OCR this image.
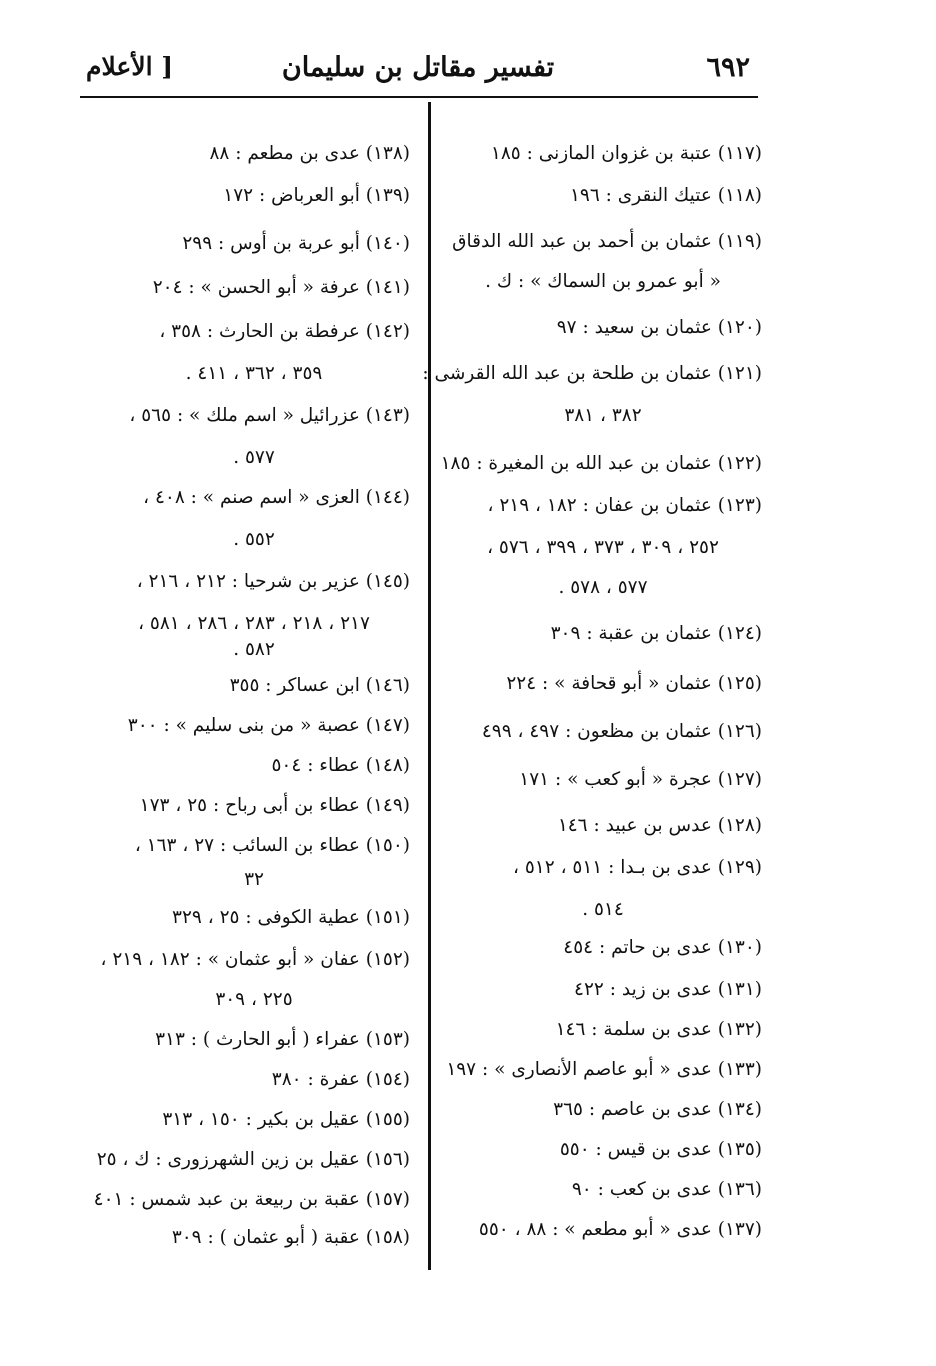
٦٩٢
تفسير مقاتل بن سليمان
[ الأعلام
(١١٧) عتبة بن غزوان المازنى : ١٨٥
(١١٨) عتيك النقرى : ١٩٦
(١١٩) عثمان بن أحمد بن عبد الله الدقاق
« أبو عمرو بن السماك » : ك .
(١٢٠) عثمان بن سعيد : ٩٧
(١٢١) عثمان بن طلحة بن عبد الله القرشى :
٣٨٢ ، ٣٨١
(١٢٢) عثمان بن عبد الله بن المغيرة : ١٨٥
(١٢٣) عثمان بن عفان : ١٨٢ ، ٢١٩ ،
٢٥٢ ، ٣٠٩ ، ٣٧٣ ، ٣٩٩ ، ٥٧٦ ،
٥٧٧ ، ٥٧٨ .
(١٢٤) عثمان بن عقبة : ٣٠٩
(١٢٥) عثمان « أبو قحافة » : ٢٢٤
(١٢٦) عثمان بن مظعون : ٤٩٧ ، ٤٩٩
(١٢٧) عجرة « أبو كعب » : ١٧١
(١٢٨) عدس بن عبيد : ١٤٦
(١٢٩) عدى بن بـدا : ٥١١ ، ٥١٢ ،
٥١٤ .
(١٣٠) عدى بن حاتم : ٤٥٤
(١٣١) عدى بن زيد : ٤٢٢
(١٣٢) عدى بن سلمة : ١٤٦
(١٣٣) عدى « أبو عاصم الأنصارى » : ١٩٧
(١٣٤) عدى بن عاصم : ٣٦٥
(١٣٥) عدى بن قيس : ٥٥٠
(١٣٦) عدى بن كعب : ٩٠
(١٣٧) عدى « أبو مطعم » : ٨٨ ، ٥٥٠
(١٣٨) عدى بن مطعم : ٨٨
(١٣٩) أبو العرباض : ١٧٢
(١٤٠) أبو عربة بن أوس : ٢٩٩
(١٤١) عرفة « أبو الحسن » : ٢٠٤
(١٤٢) عرفطة بن الحارث : ٣٥٨ ،
٣٥٩ ، ٣٦٢ ، ٤١١ .
(١٤٣) عزرائيل « اسم ملك » : ٥٦٥ ،
٥٧٧ .
(١٤٤) العزى « اسم صنم » : ٤٠٨ ،
٥٥٢ .
(١٤٥) عزير بن شرحيا : ٢١٢ ، ٢١٦ ،
٢١٧ ، ٢١٨ ، ٢٨٣ ، ٢٨٦ ، ٥٨١ ،
٥٨٢ .
(١٤٦) ابن عساكر : ٣٥٥
(١٤٧) عصبة « من بنى سليم » : ٣٠٠
(١٤٨) عطاء : ٥٠٤
(١٤٩) عطاء بن أبى رباح : ٢٥ ، ١٧٣
(١٥٠) عطاء بن السائب : ٢٧ ، ١٦٣ ،
٣٢
(١٥١) عطية الكوفى : ٢٥ ، ٣٢٩
(١٥٢) عفان « أبو عثمان » : ١٨٢ ، ٢١٩ ،
٢٢٥ ، ٣٠٩
(١٥٣) عفراء ( أبو الحارث ) : ٣١٣
(١٥٤) عفرة : ٣٨٠
(١٥٥) عقيل بن بكير : ١٥٠ ، ٣١٣
(١٥٦) عقيل بن زين الشهرزورى : ك ، ٢٥
(١٥٧) عقبة بن ربيعة بن عبد شمس : ٤٠١
(١٥٨) عقبة ( أبو عثمان ) : ٣٠٩
